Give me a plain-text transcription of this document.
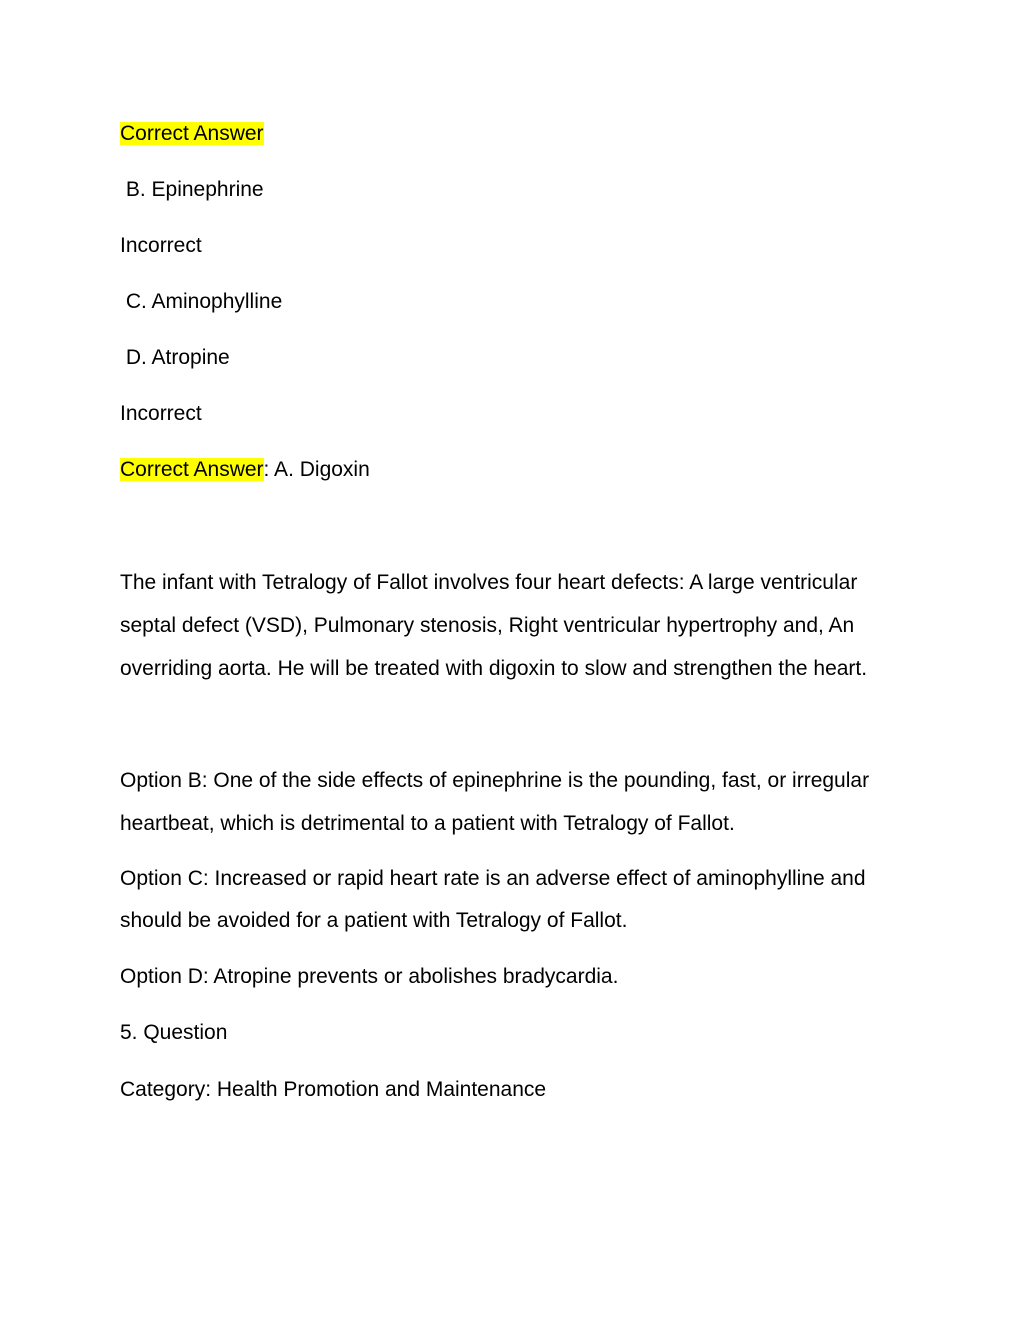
Correct Answer
B. Epinephrine
Incorrect
C. Aminophylline
D. Atropine
Incorrect
Correct Answer: A. Digoxin
The infant with Tetralogy of Fallot involves four heart defects: A large ventricular septal defect (VSD), Pulmonary stenosis, Right ventricular hypertrophy and, An overriding aorta. He will be treated with digoxin to slow and strengthen the heart.
Option B: One of the side effects of epinephrine is the pounding, fast, or irregular heartbeat, which is detrimental to a patient with Tetralogy of Fallot.
Option C: Increased or rapid heart rate is an adverse effect of aminophylline and should be avoided for a patient with Tetralogy of Fallot.
Option D: Atropine prevents or abolishes bradycardia.
5. Question
Category: Health Promotion and Maintenance
